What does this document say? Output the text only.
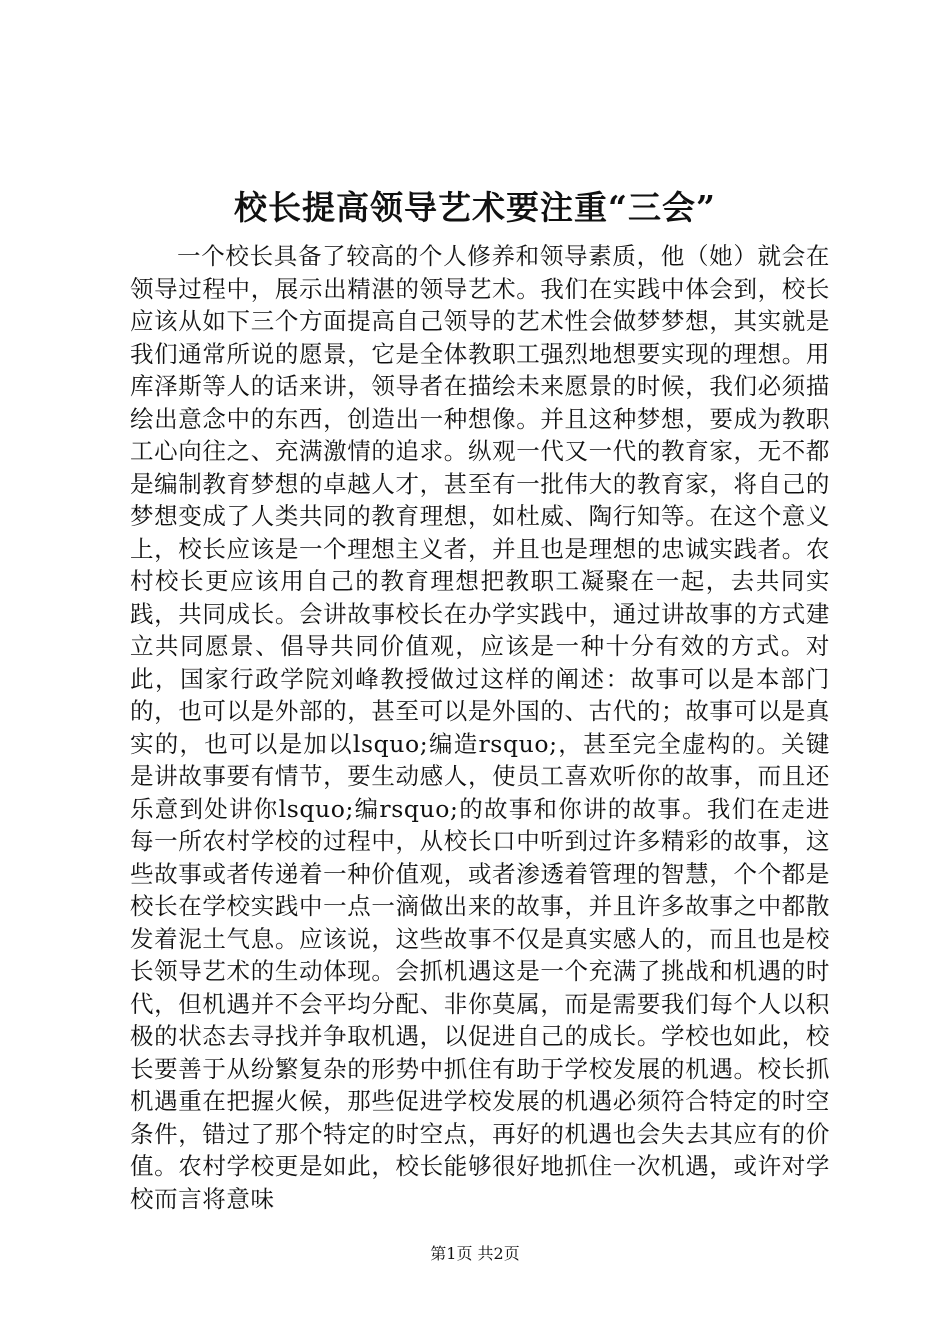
校长提高领导艺术要注重“三会”

一个校长具备了较高的个人修养和领导素质，他（她）就会在领导过程中，展示出精湛的领导艺术。我们在实践中体会到，校长应该从如下三个方面提高自己领导的艺术性会做梦梦想，其实就是我们通常所说的愿景，它是全体教职工强烈地想要实现的理想。用库泽斯等人的话来讲，领导者在描绘未来愿景的时候，我们必须描绘出意念中的东西，创造出一种想像。并且这种梦想，要成为教职工心向往之、充满激情的追求。纵观一代又一代的教育家，无不都是编制教育梦想的卓越人才，甚至有一批伟大的教育家，将自己的梦想变成了人类共同的教育理想，如杜威、陶行知等。在这个意义上，校长应该是一个理想主义者，并且也是理想的忠诚实践者。农村校长更应该用自己的教育理想把教职工凝聚在一起，去共同实践，共同成长。会讲故事校长在办学实践中，通过讲故事的方式建立共同愿景、倡导共同价值观，应该是一种十分有效的方式。对此，国家行政学院刘峰教授做过这样的阐述：故事可以是本部门的，也可以是外部的，甚至可以是外国的、古代的；故事可以是真实的，也可以是加以lsquo;编造rsquo;，甚至完全虚构的。关键是讲故事要有情节，要生动感人，使员工喜欢听你的故事，而且还乐意到处讲你lsquo;编rsquo;的故事和你讲的故事。我们在走进每一所农村学校的过程中，从校长口中听到过许多精彩的故事，这些故事或者传递着一种价值观，或者渗透着管理的智慧，个个都是校长在学校实践中一点一滴做出来的故事，并且许多故事之中都散发着泥土气息。应该说，这些故事不仅是真实感人的，而且也是校长领导艺术的生动体现。会抓机遇这是一个充满了挑战和机遇的时代，但机遇并不会平均分配、非你莫属，而是需要我们每个人以积极的状态去寻找并争取机遇，以促进自己的成长。学校也如此，校长要善于从纷繁复杂的形势中抓住有助于学校发展的机遇。校长抓机遇重在把握火候，那些促进学校发展的机遇必须符合特定的时空条件，错过了那个特定的时空点，再好的机遇也会失去其应有的价值。农村学校更是如此，校长能够很好地抓住一次机遇，或许对学校而言将意味

第1页 共2页
